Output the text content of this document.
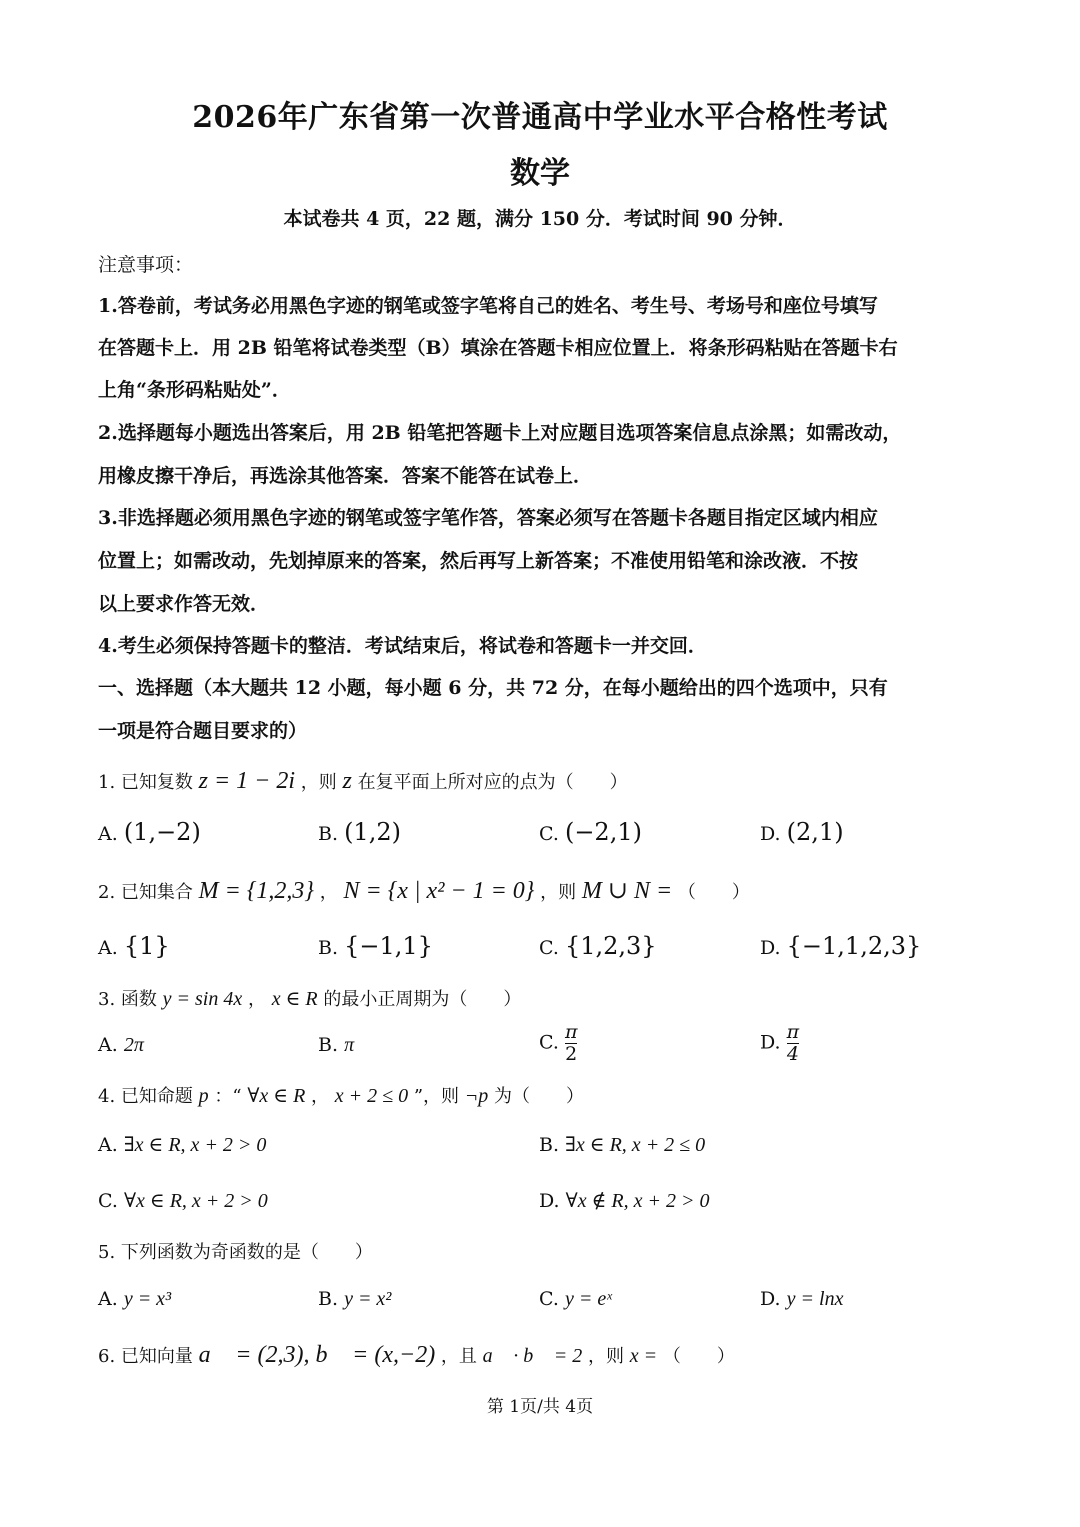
2026年广东省第一次普通高中学业水平合格性考试
数学
本试卷共 4 页，22 题，满分 150 分．考试时间 90 分钟．
注意事项：
1.答卷前，考试务必用黑色字迹的钢笔或签字笔将自己的姓名、考生号、考场号和座位号填写
在答题卡上．用 2B 铅笔将试卷类型（B）填涂在答题卡相应位置上．将条形码粘贴在答题卡右
上角“条形码粘贴处”．
2.选择题每小题选出答案后，用 2B 铅笔把答题卡上对应题目选项答案信息点涂黑；如需改动，
用橡皮擦干净后，再选涂其他答案．答案不能答在试卷上．
3.非选择题必须用黑色字迹的钢笔或签字笔作答，答案必须写在答题卡各题目指定区域内相应
位置上；如需改动，先划掉原来的答案，然后再写上新答案；不准使用铅笔和涂改液．不按
以上要求作答无效．
4.考生必须保持答题卡的整洁．考试结束后，将试卷和答题卡一并交回．
一、选择题（本大题共 12 小题，每小题 6 分，共 72 分，在每小题给出的四个选项中，只有
一项是符合题目要求的）
1. 已知复数 z = 1 − 2i ，则 z 在复平面上所对应的点为（　　）
A. (1,−2)	B. (1,2)	C. (−2,1)	D. (2,1)
2. 已知集合 M = {1,2,3} ， N = {x | x² − 1 = 0} ，则 M ∪ N = （　　）
A. {1}	B. {−1,1}	C. {1,2,3}	D. {−1,1,2,3}
3. 函数 y = sin 4x ， x ∈ R 的最小正周期为（　　）
A. 2π	B. π	C. $\frac{\pi}{2}$	D. $\frac{\pi}{4}$
4. 已知命题 p ：“ ∀x ∈ R ， x + 2 ≤ 0 ”，则 ¬p 为（　　）
A. ∃x ∈ R, x + 2 > 0	B. ∃x ∈ R, x + 2 ≤ 0
C. ∀x ∈ R, x + 2 > 0	D. ∀x ∉ R, x + 2 > 0
5. 下列函数为奇函数的是（　　）
A. y = x³	B. y = x²	C. y = eˣ	D. y = lnx
6. 已知向量 a⃗ = (2,3), b⃗ = (x,−2) ，且 a⃗ · b⃗ = 2 ，则 x = （　　）
第 1页/共 4页
